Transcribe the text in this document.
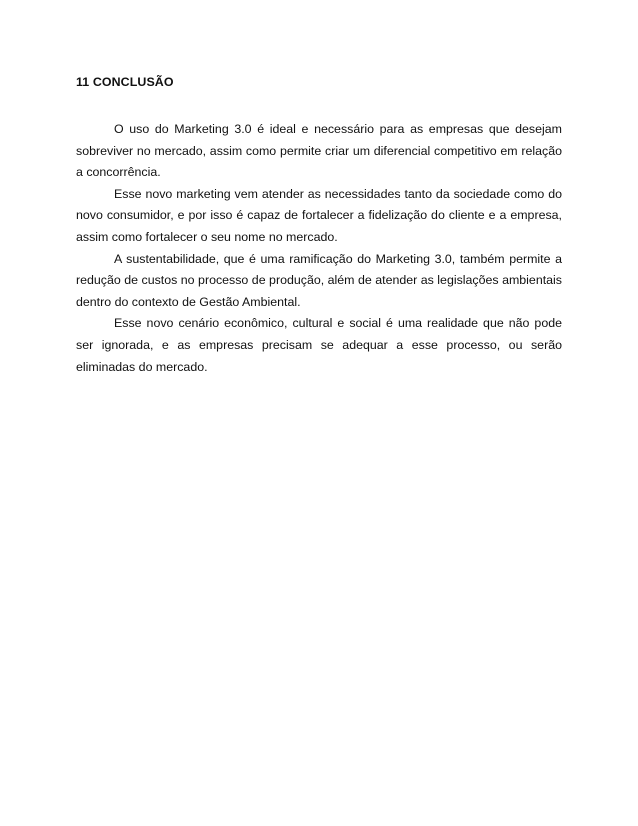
11 CONCLUSÃO

O uso do Marketing 3.0 é ideal e necessário para as empresas que desejam sobreviver no mercado, assim como permite criar um diferencial competitivo em relação a concorrência.

Esse novo marketing vem atender as necessidades tanto da sociedade como do novo consumidor, e por isso é capaz de fortalecer a fidelização do cliente e a empresa, assim como fortalecer o seu nome no mercado.

A sustentabilidade, que é uma ramificação do Marketing 3.0, também permite a redução de custos no processo de produção, além de atender as legislações ambientais dentro do contexto de Gestão Ambiental.

Esse novo cenário econômico, cultural e social é uma realidade que não pode ser ignorada, e as empresas precisam se adequar a esse processo, ou serão eliminadas do mercado.
